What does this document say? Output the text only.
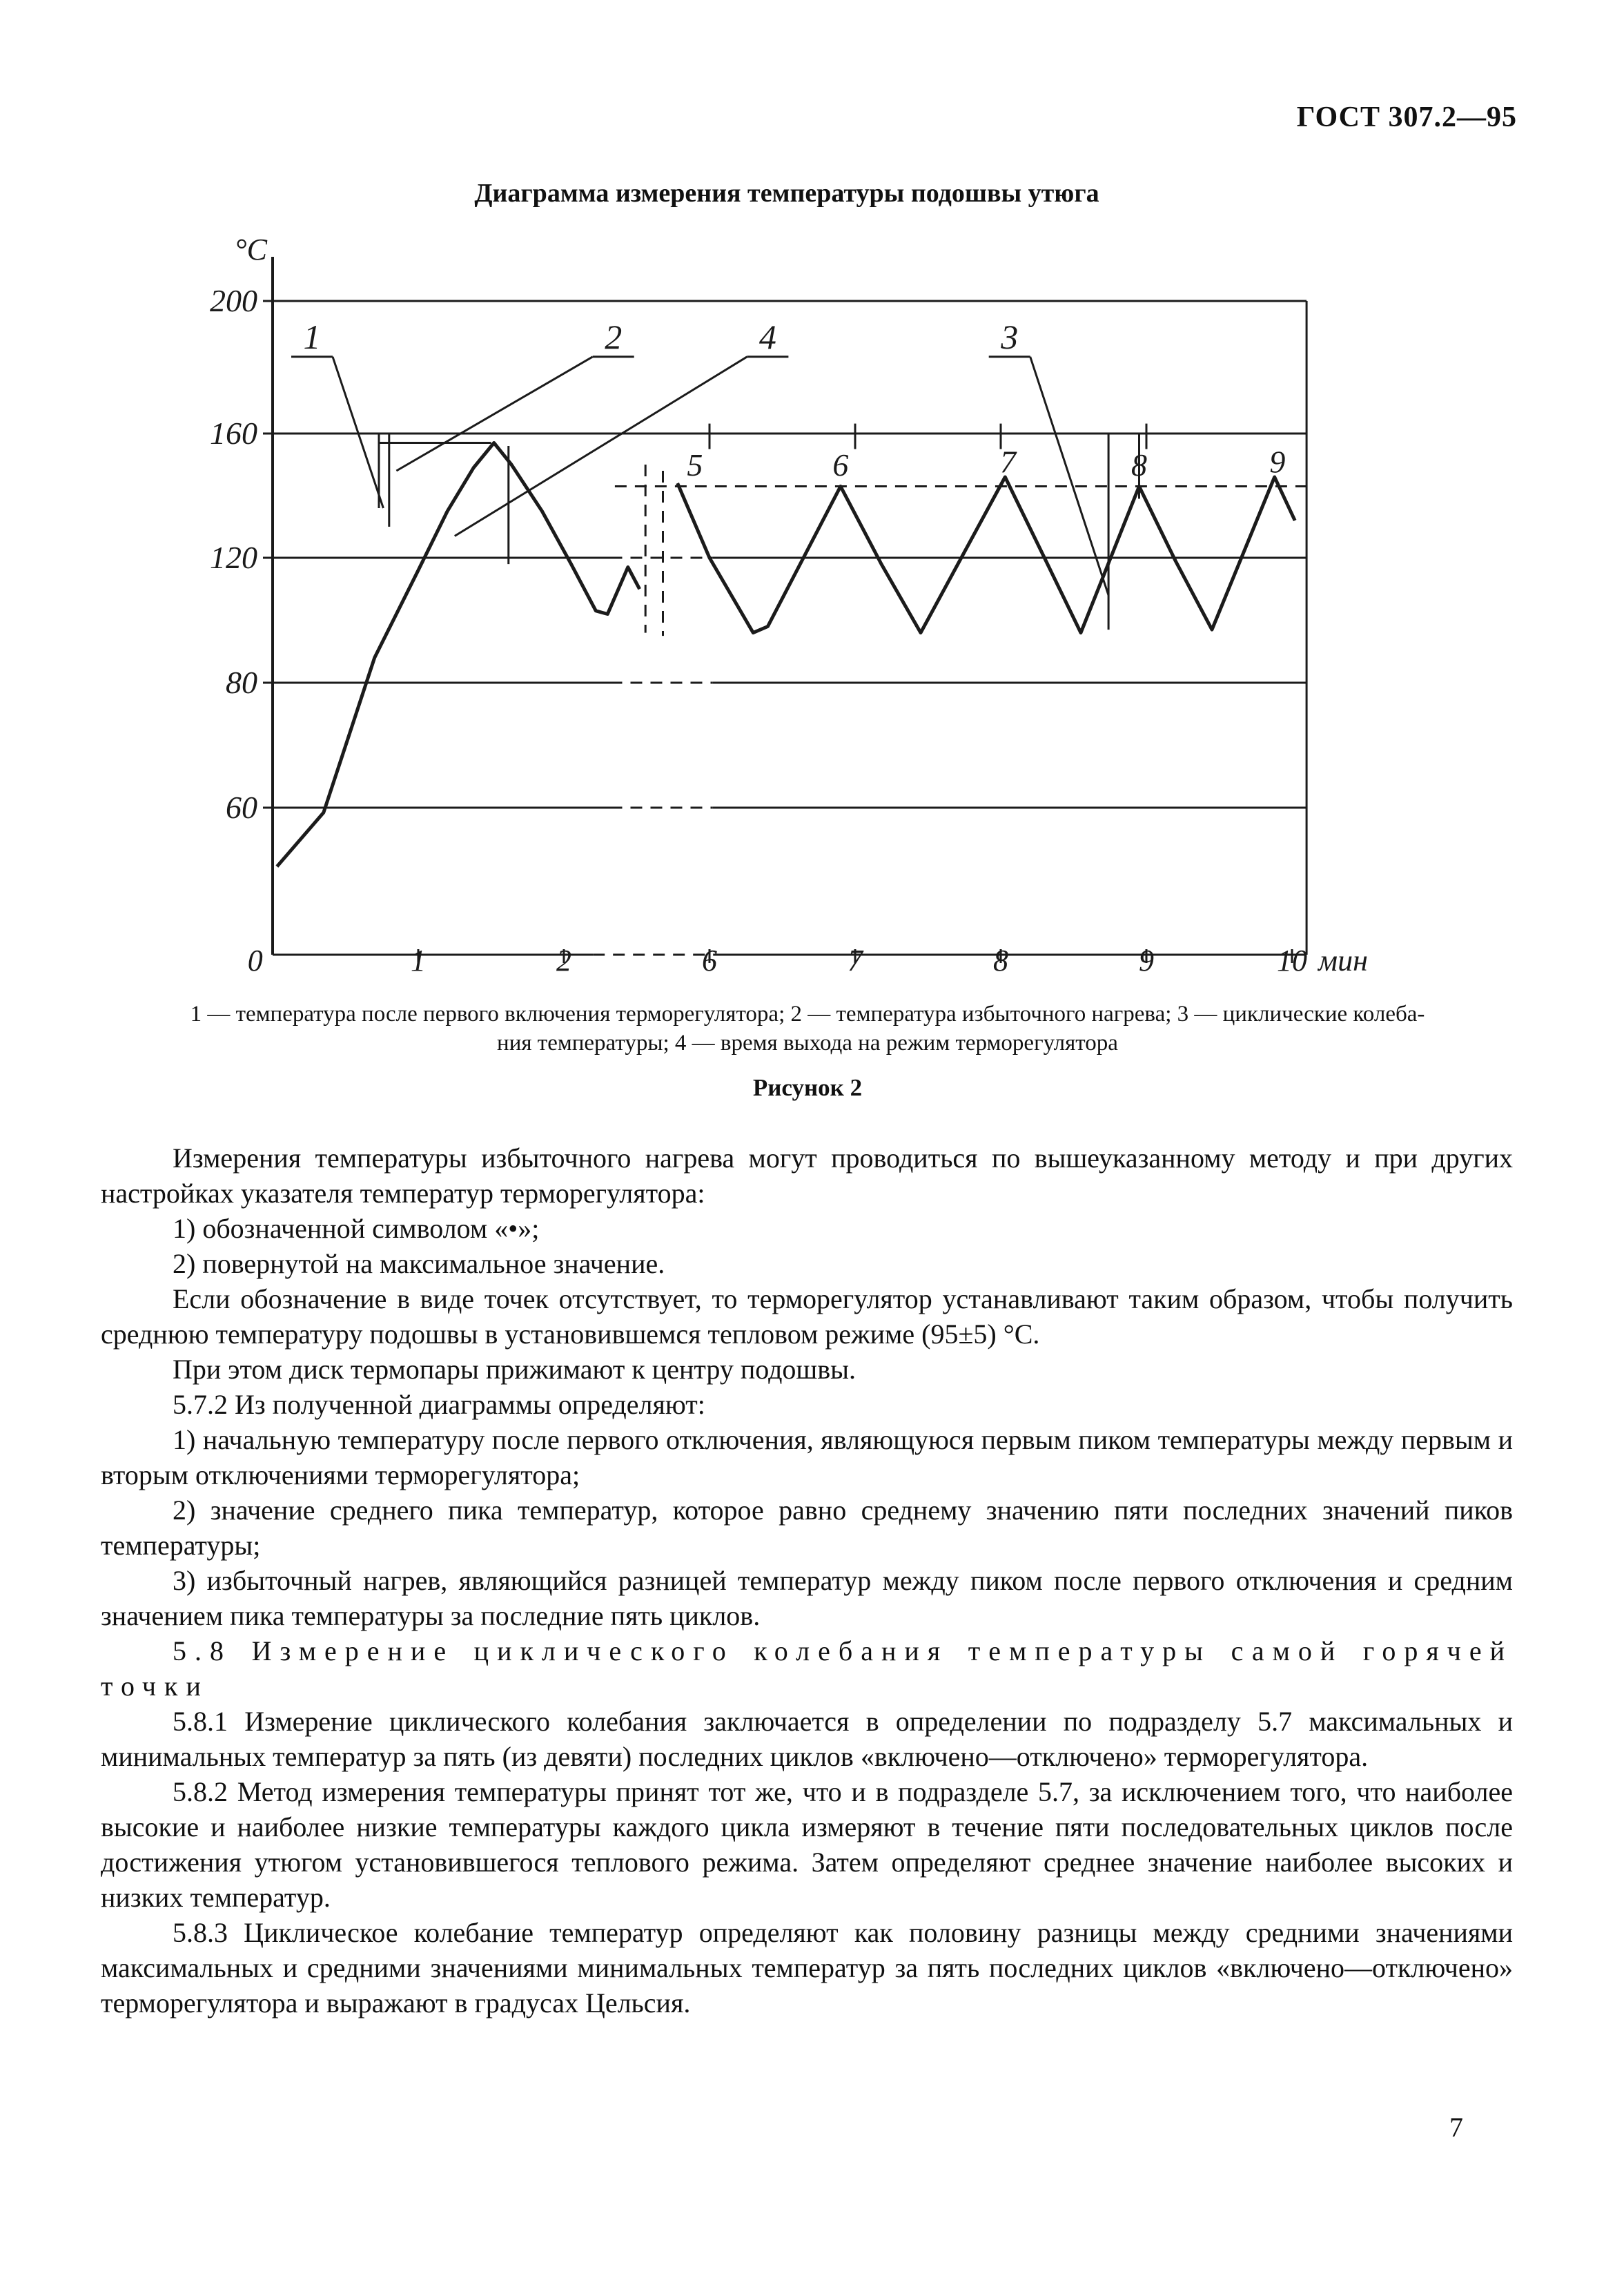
ГОСТ 307.2—95
Диаграмма измерения температуры подошвы утюга
°C
200
160
120
80
60
0	1	2	6	7	8	9	10 мин
5	6	7	8	9
1	2	4	3
1 — температура после первого включения терморегулятора; 2 — температура избыточного нагрева; 3 — циклические колеба-
ния температуры; 4 — время выхода на режим терморегулятора
Рисунок 2

Измерения температуры избыточного нагрева могут проводиться по вышеуказанному методу и при других настройках указателя температур терморегулятора:

1) обозначенной символом «•»;

2) повернутой на максимальное значение.

Если обозначение в виде точек отсутствует, то терморегулятор устанавливают таким образом, чтобы получить среднюю температуру подошвы в установившемся тепловом режиме (95±5) °С.

При этом диск термопары прижимают к центру подошвы.

5.7.2 Из полученной диаграммы определяют:

1) начальную температуру после первого отключения, являющуюся первым пиком температуры между первым и вторым отключениями терморегулятора;

2) значение среднего пика температур, которое равно среднему значению пяти последних значений пиков температуры;

3) избыточный нагрев, являющийся разницей температур между пиком после первого отключения и средним значением пика температуры за последние пять циклов.

5.8 Измерение циклического колебания температуры самой горячей точки

5.8.1 Измерение циклического колебания заключается в определении по подразделу 5.7 максимальных и минимальных температур за пять (из девяти) последних циклов «включено—отключено» терморегулятора.

5.8.2 Метод измерения температуры принят тот же, что и в подразделе 5.7, за исключением того, что наиболее высокие и наиболее низкие температуры каждого цикла измеряют в течение пяти последовательных циклов после достижения утюгом установившегося теплового режима. Затем определяют среднее значение наиболее высоких и низких температур.

5.8.3 Циклическое колебание температур определяют как половину разницы между средними значениями максимальных и средними значениями минимальных температур за пять последних циклов «включено—отключено» терморегулятора и выражают в градусах Цельсия.

7
